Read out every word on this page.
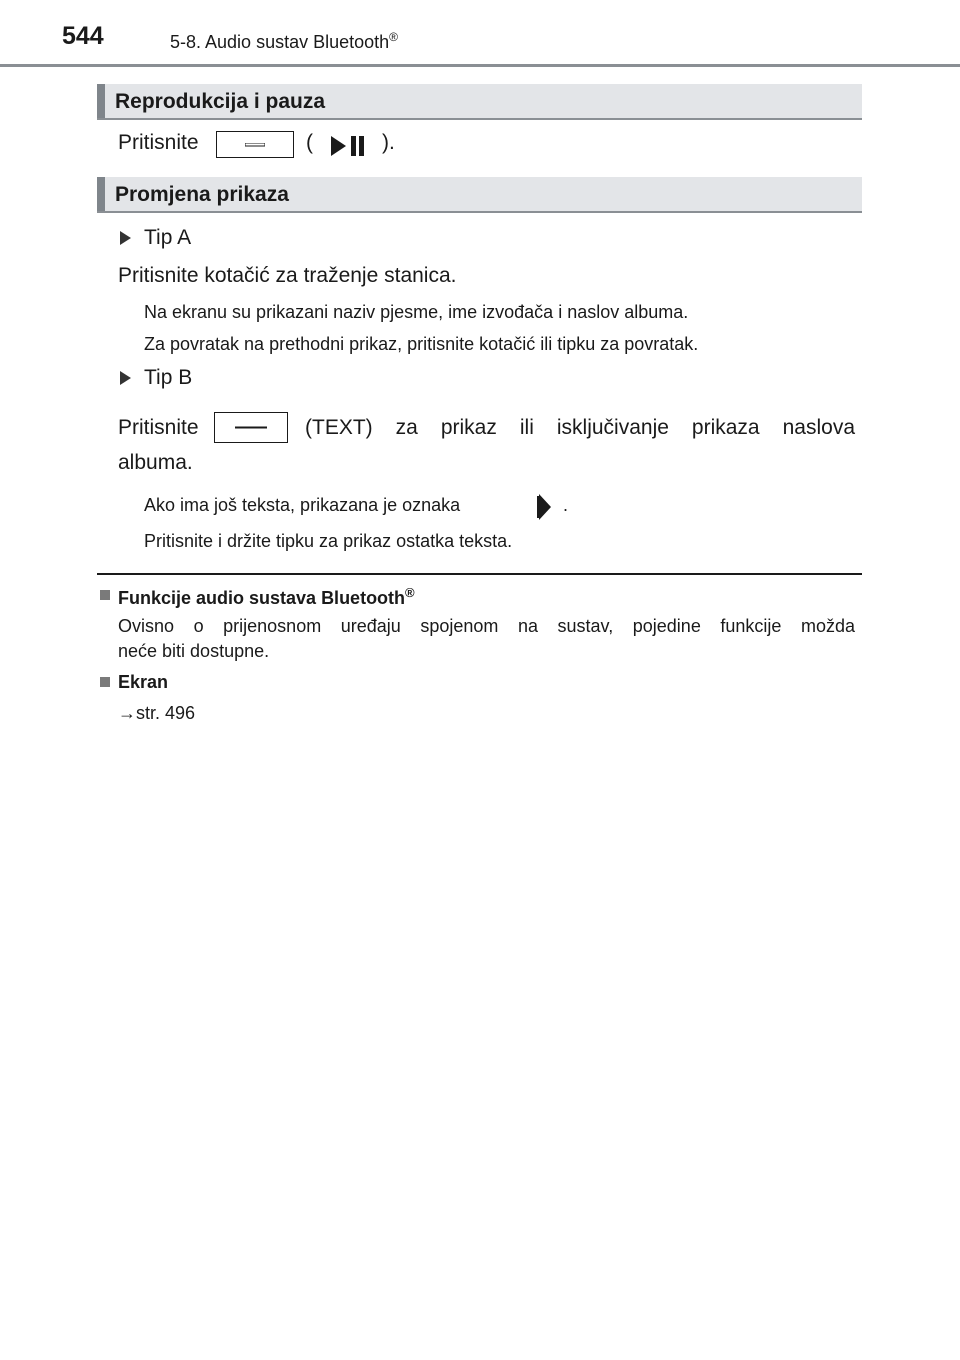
544	5-8. Audio sustav Bluetooth®
Reprodukcija i pauza
Pritisnite	(	).
Promjena prikaza
Tip A
Pritisnite kotačić za traženje stanica.
Na ekranu su prikazani naziv pjesme, ime izvođača i naslov albuma.
Za povratak na prethodni prikaz, pritisnite kotačić ili tipku za povratak.
Tip B
Pritisnite	(TEXT) za prikaz ili isključivanje prikaza naslova
albuma.
Ako ima još teksta, prikazana je oznaka	.
Pritisnite i držite tipku za prikaz ostatka teksta.
Funkcije audio sustava Bluetooth®
Ovisno o prijenosnom uređaju spojenom na sustav, pojedine funkcije možda
neće biti dostupne.
Ekran
→str. 496
